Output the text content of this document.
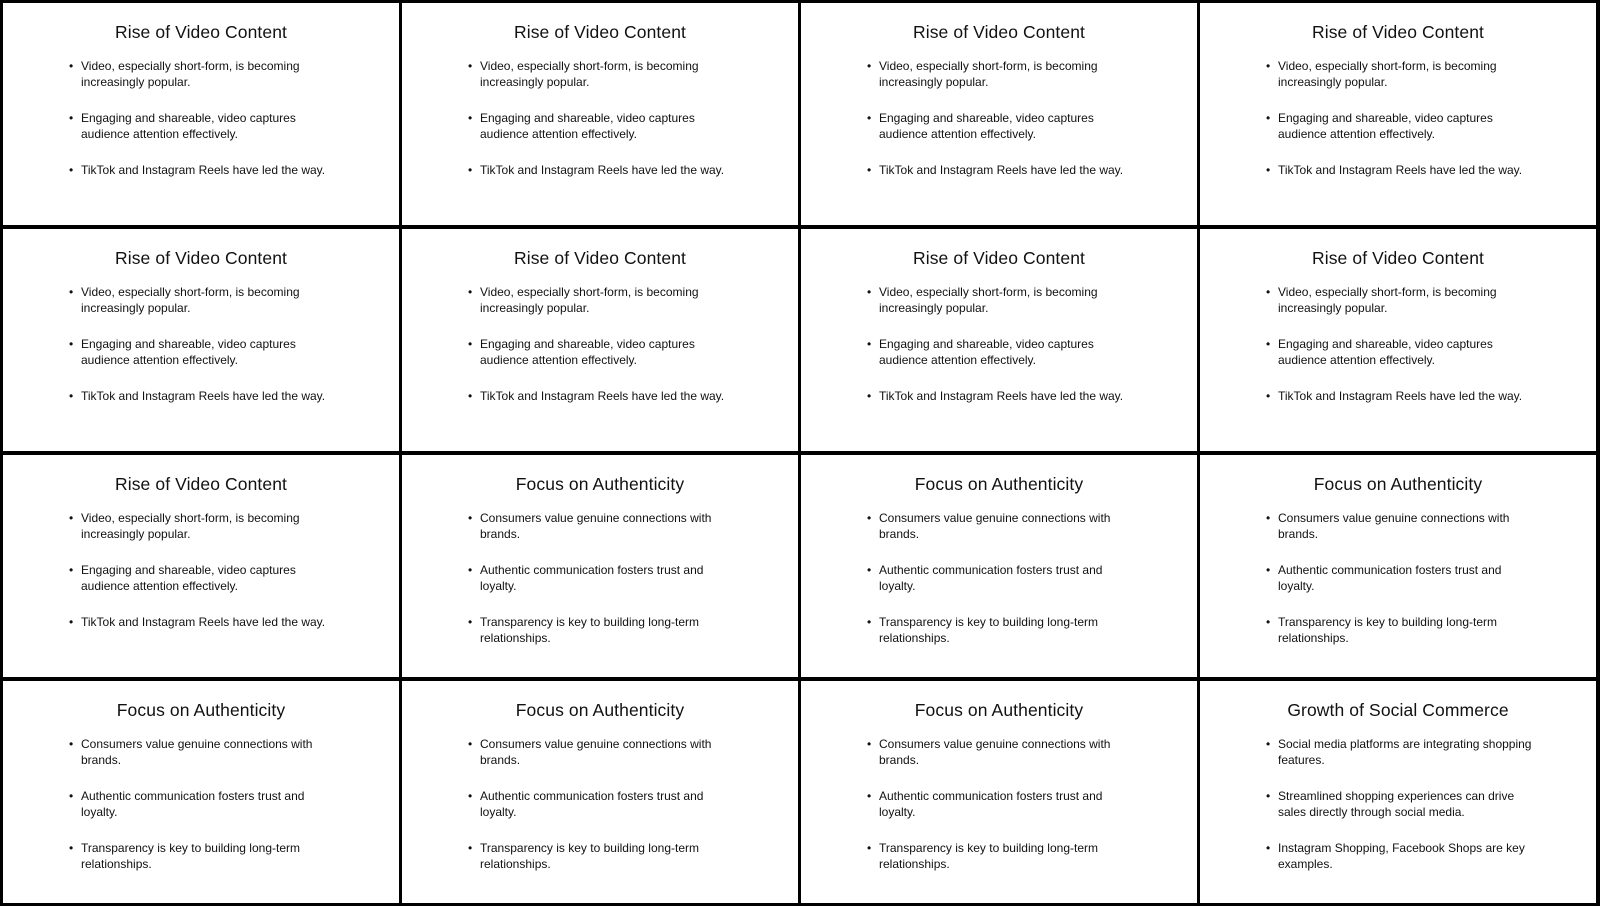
Rise of Video Content
• Video, especially short-form, is becoming increasingly popular.
• Engaging and shareable, video captures audience attention effectively.
• TikTok and Instagram Reels have led the way.
Rise of Video Content
• Video, especially short-form, is becoming increasingly popular.
• Engaging and shareable, video captures audience attention effectively.
• TikTok and Instagram Reels have led the way.
Rise of Video Content
• Video, especially short-form, is becoming increasingly popular.
• Engaging and shareable, video captures audience attention effectively.
• TikTok and Instagram Reels have led the way.
Rise of Video Content
• Video, especially short-form, is becoming increasingly popular.
• Engaging and shareable, video captures audience attention effectively.
• TikTok and Instagram Reels have led the way.
Rise of Video Content
• Video, especially short-form, is becoming increasingly popular.
• Engaging and shareable, video captures audience attention effectively.
• TikTok and Instagram Reels have led the way.
Rise of Video Content
• Video, especially short-form, is becoming increasingly popular.
• Engaging and shareable, video captures audience attention effectively.
• TikTok and Instagram Reels have led the way.
Rise of Video Content
• Video, especially short-form, is becoming increasingly popular.
• Engaging and shareable, video captures audience attention effectively.
• TikTok and Instagram Reels have led the way.
Rise of Video Content
• Video, especially short-form, is becoming increasingly popular.
• Engaging and shareable, video captures audience attention effectively.
• TikTok and Instagram Reels have led the way.
Rise of Video Content
• Video, especially short-form, is becoming increasingly popular.
• Engaging and shareable, video captures audience attention effectively.
• TikTok and Instagram Reels have led the way.
Focus on Authenticity
• Consumers value genuine connections with brands.
• Authentic communication fosters trust and loyalty.
• Transparency is key to building long-term relationships.
Focus on Authenticity
• Consumers value genuine connections with brands.
• Authentic communication fosters trust and loyalty.
• Transparency is key to building long-term relationships.
Focus on Authenticity
• Consumers value genuine connections with brands.
• Authentic communication fosters trust and loyalty.
• Transparency is key to building long-term relationships.
Focus on Authenticity
• Consumers value genuine connections with brands.
• Authentic communication fosters trust and loyalty.
• Transparency is key to building long-term relationships.
Focus on Authenticity
• Consumers value genuine connections with brands.
• Authentic communication fosters trust and loyalty.
• Transparency is key to building long-term relationships.
Focus on Authenticity
• Consumers value genuine connections with brands.
• Authentic communication fosters trust and loyalty.
• Transparency is key to building long-term relationships.
Growth of Social Commerce
• Social media platforms are integrating shopping features.
• Streamlined shopping experiences can drive sales directly through social media.
• Instagram Shopping, Facebook Shops are key examples.
